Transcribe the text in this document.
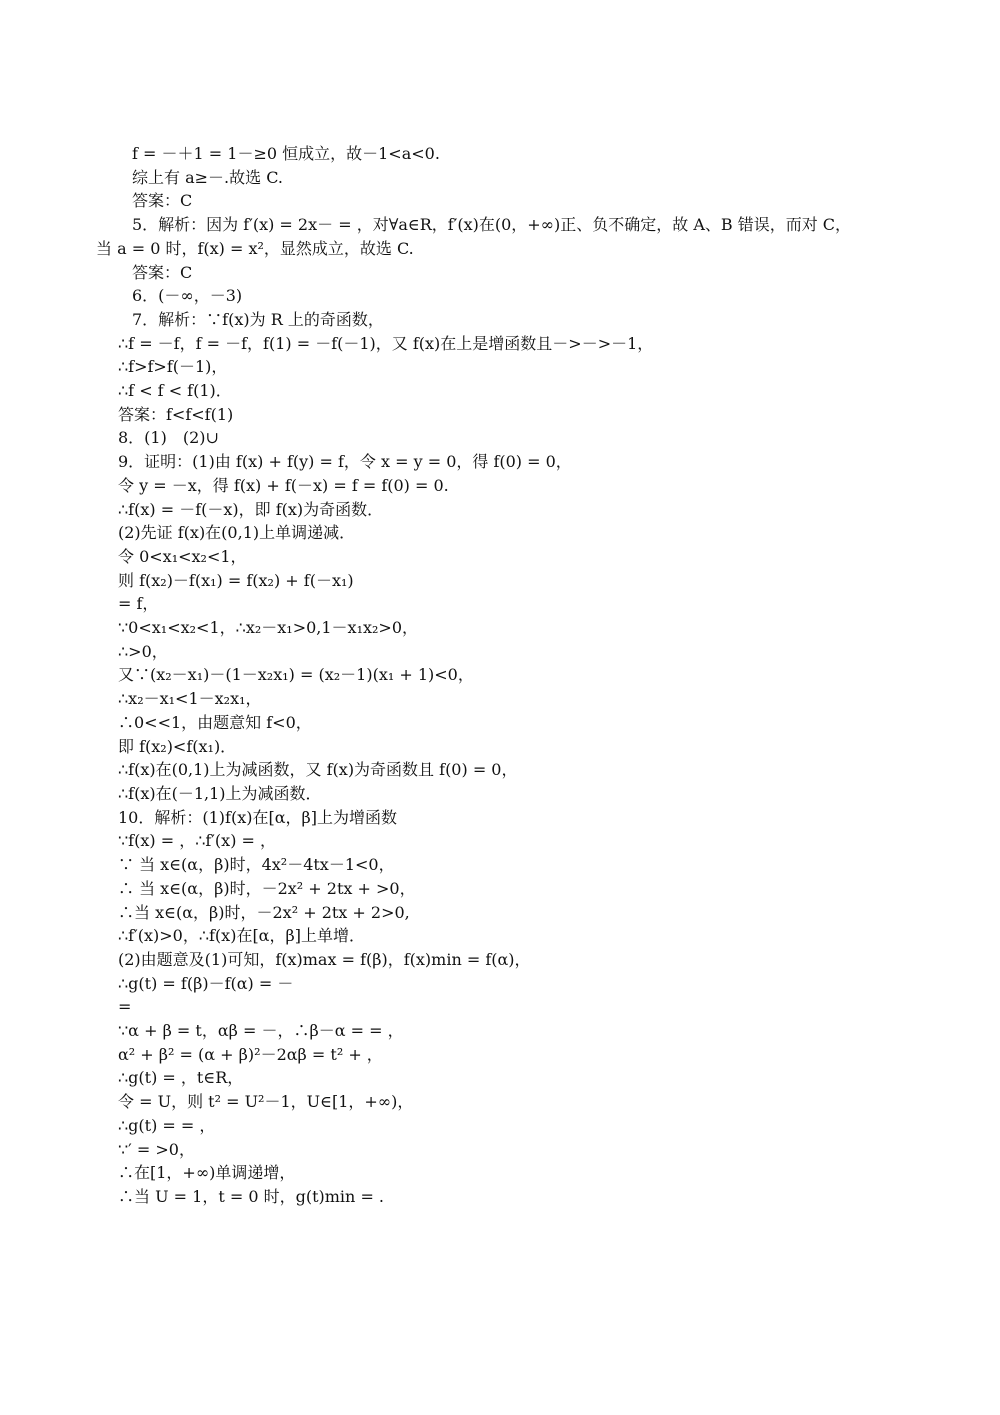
f = －＋1 = 1－≥0 恒成立，故－1<a<0.
综上有 a≥－.故选 C.
答案：C
5．解析：因为 f′(x) = 2x－ = ，对∀a∈R，f′(x)在(0，+∞)正、负不确定，故 A、B 错误，而对 C，
当 a = 0 时，f(x) = x²，显然成立，故选 C.
答案：C
6．(－∞，－3)
7．解析：∵f(x)为 R 上的奇函数，
∴f = －f，f = －f，f(1) = －f(－1)，又 f(x)在上是增函数且－>－>－1，
∴f>f>f(－1)，
∴f < f < f(1)．
答案：f<f<f(1)
8．(1)　(2)∪
9．证明：(1)由 f(x) + f(y) = f，令 x = y = 0，得 f(0) = 0，
令 y = －x，得 f(x) + f(－x) = f = f(0) = 0.
∴f(x) = －f(－x)，即 f(x)为奇函数．
(2)先证 f(x)在(0,1)上单调递减．
令 0<x₁<x₂<1，
则 f(x₂)－f(x₁) = f(x₂) + f(－x₁)
= f，
∵0<x₁<x₂<1，∴x₂－x₁>0,1－x₁x₂>0，
∴>0，
又∵(x₂－x₁)－(1－x₂x₁) = (x₂－1)(x₁ + 1)<0，
∴x₂－x₁<1－x₂x₁，
∴0<<1，由题意知 f<0，
即 f(x₂)<f(x₁)．
∴f(x)在(0,1)上为减函数，又 f(x)为奇函数且 f(0) = 0，
∴f(x)在(－1,1)上为减函数．
10．解析：(1)f(x)在[α，β]上为增函数
∵f(x) = ，∴f′(x) = ，
∵ 当 x∈(α，β)时，4x²－4tx－1<0，
∴ 当 x∈(α，β)时，－2x² + 2tx + >0，
∴当 x∈(α，β)时，－2x² + 2tx + 2>0,
∴f′(x)>0，∴f(x)在[α，β]上单增．
(2)由题意及(1)可知，f(x)max = f(β)，f(x)min = f(α)，
∴g(t) = f(β)－f(α) = －
=
∵α + β = t，αβ = －，∴β－α = = ，
α² + β² = (α + β)²－2αβ = t² + ，
∴g(t) = ，t∈R，
令 = U，则 t² = U²－1，U∈[1，+∞)，
∴g(t) = = ，
∵′ = >0，
∴在[1，+∞)单调递增，
∴当 U = 1，t = 0 时，g(t)min = .
